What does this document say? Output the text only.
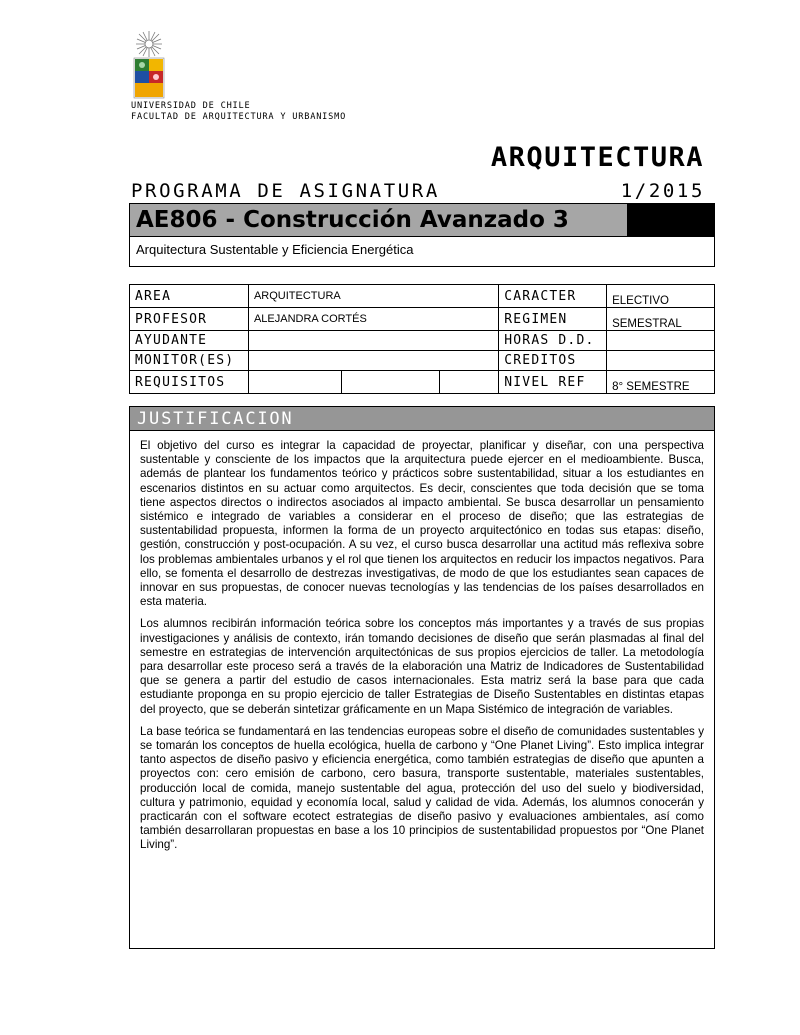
UNIVERSIDAD DE CHILE
FACULTAD DE ARQUITECTURA Y URBANISMO
ARQUITECTURA
PROGRAMA DE ASIGNATURA	1/2015
AE806 - Construcción Avanzado 3
Arquitectura Sustentable y Eficiencia Energética
AREA	ARQUITECTURA			CARACTER	ELECTIVO
PROFESOR	ALEJANDRA CORTÉS			REGIMEN	SEMESTRAL
AYUDANTE				HORAS D.D.	
MONITOR(ES)				CREDITOS	
REQUISITOS				NIVEL REF	8° SEMESTRE
JUSTIFICACION

El objetivo del curso es integrar la capacidad de proyectar, planificar y diseñar, con una perspectiva sustentable y consciente de los impactos que la arquitectura puede ejercer en el medioambiente. Busca, además de plantear los fundamentos teórico y prácticos sobre sustentabilidad, situar a los estudiantes en escenarios distintos en su actuar como arquitectos. Es decir, conscientes que toda decisión que se toma tiene aspectos directos o indirectos asociados al impacto ambiental. Se busca desarrollar un pensamiento sistémico e integrado de variables a considerar en el proceso de diseño; que las estrategias de sustentabilidad propuesta, informen la forma de un proyecto arquitectónico en todas sus etapas: diseño, gestión, construcción y post-ocupación. A su vez, el curso busca desarrollar una actitud más reflexiva sobre los problemas ambientales urbanos y el rol que tienen los arquitectos en reducir los impactos negativos. Para ello, se fomenta el desarrollo de destrezas investigativas, de modo de que los estudiantes sean capaces de innovar en sus propuestas, de conocer nuevas tecnologías y las tendencias de los países desarrollados en esta materia.

Los alumnos recibirán información teórica sobre los conceptos más importantes y a través de sus propias investigaciones y análisis de contexto, irán tomando decisiones de diseño que serán plasmadas al final del semestre en estrategias de intervención arquitectónicas de sus propios ejercicios de taller. La metodología para desarrollar este proceso será a través de la elaboración una Matriz de Indicadores de Sustentabilidad que se genera a partir del estudio de casos internacionales. Esta matriz será la base para que cada estudiante proponga en su propio ejercicio de taller Estrategias de Diseño Sustentables en distintas etapas del proyecto, que se deberán sintetizar gráficamente en un Mapa Sistémico de integración de variables.

La base teórica se fundamentará en las tendencias europeas sobre el diseño de comunidades sustentables y se tomarán los conceptos de huella ecológica, huella de carbono y “One Planet Living”. Esto implica integrar tanto aspectos de diseño pasivo y eficiencia energética, como también estrategias de diseño que apunten a proyectos con: cero emisión de carbono, cero basura, transporte sustentable, materiales sustentables, producción local de comida, manejo sustentable del agua, protección del uso del suelo y biodiversidad, cultura y patrimonio, equidad y economía local, salud y calidad de vida. Además, los alumnos conocerán y practicarán con el software ecotect estrategias de diseño pasivo y evaluaciones ambientales, así como también desarrollaran propuestas en base a los 10 principios de sustentabilidad propuestos por “One Planet Living”.
